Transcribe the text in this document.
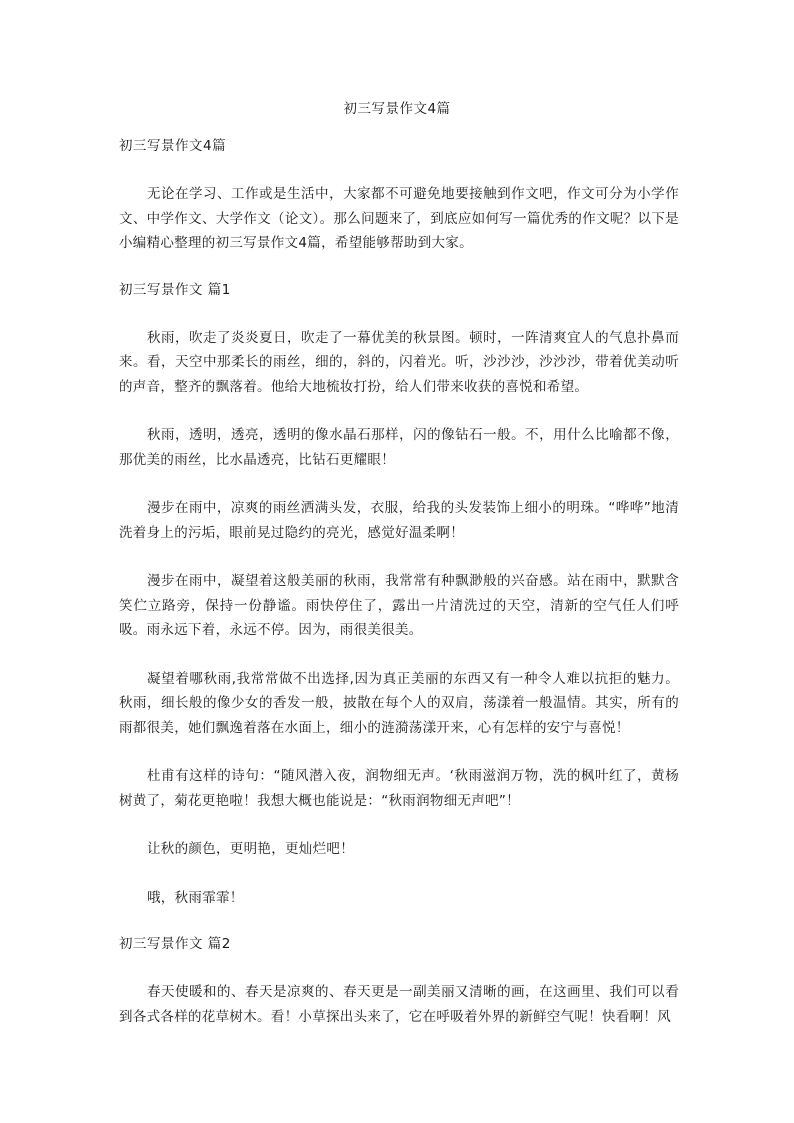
初三写景作文4篇
初三写景作文4篇

无论在学习、工作或是生活中，大家都不可避免地要接触到作文吧，作文可分为小学作文、中学作文、大学作文（论文）。那么问题来了，到底应如何写一篇优秀的作文呢？以下是小编精心整理的初三写景作文4篇，希望能够帮助到大家。

初三写景作文 篇1

秋雨，吹走了炎炎夏日，吹走了一幕优美的秋景图。顿时，一阵清爽宜人的气息扑鼻而来。看，天空中那柔长的雨丝，细的，斜的，闪着光。听，沙沙沙，沙沙沙，带着优美动听的声音，整齐的飘落着。他给大地梳妆打扮，给人们带来收获的喜悦和希望。

秋雨，透明，透亮，透明的像水晶石那样，闪的像钻石一般。不，用什么比喻都不像，那优美的雨丝，比水晶透亮，比钻石更耀眼！

漫步在雨中，凉爽的雨丝洒满头发，衣服，给我的头发装饰上细小的明珠。“哗哗”地清洗着身上的污垢，眼前晃过隐约的亮光，感觉好温柔啊！

漫步在雨中，凝望着这般美丽的秋雨，我常常有种飘渺般的兴奋感。站在雨中，默默含笑伫立路旁，保持一份静谧。雨快停住了，露出一片清洗过的天空，清新的空气任人们呼吸。雨永远下着，永远不停。因为，雨很美很美。

凝望着哪秋雨,我常常做不出选择,因为真正美丽的东西又有一种令人难以抗拒的魅力。秋雨，细长般的像少女的香发一般，披散在每个人的双肩，荡漾着一般温情。其实，所有的雨都很美，她们飘逸着落在水面上，细小的涟漪荡漾开来，心有怎样的安宁与喜悦！

杜甫有这样的诗句：“随风潜入夜，润物细无声。‘秋雨滋润万物，洗的枫叶红了，黄杨树黄了，菊花更艳啦！我想大概也能说是：“秋雨润物细无声吧”！

让秋的颜色，更明艳，更灿烂吧！

哦，秋雨霏霏！

初三写景作文 篇2

春天使暖和的、春天是凉爽的、春天更是一副美丽又清晰的画，在这画里、我们可以看到各式各样的花草树木。看！小草探出头来了，它在呼吸着外界的新鲜空气呢！快看啊！风
